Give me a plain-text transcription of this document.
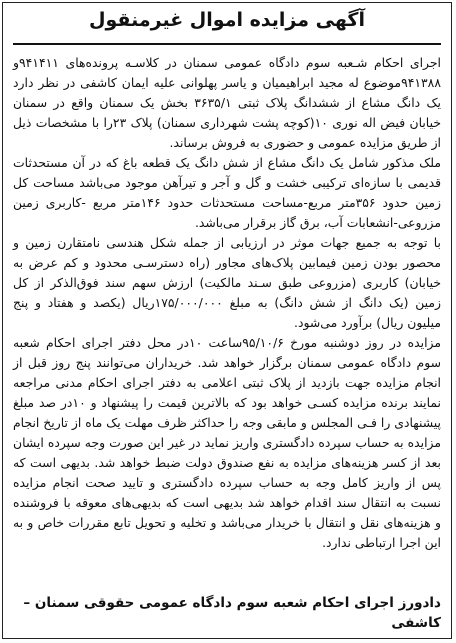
آگهی مزایده اموال غیرمنقول

اجرای احکام شـعبه سوم دادگاه عمومی سمنان در کلاسـه پرونده‌های ۹۴۱۴۱۱و ۹۴۱۳۸۸موضوع له مجید ابراهیمیان و یاسر پهلوانی علیه ایمان کاشفی در نظر دارد یک دانگ مشاع از ششدانگ پلاک ثبتی ۳۶۳۵/۱ بخش یک سمنان واقع در سمنان خیابان فیض اله نوری ۱۰(کوچه پشت شهرداری سمنان) پلاک ۲۳را با مشخصات ذیل از طریق مزایده عمومی و حضوری به فروش برساند.

ملک مذکور شامل یک دانگ مشاع از شش دانگ یک قطعه باغ که در آن مستحدثات قدیمی با سازه‌ای ترکیبی خشت و گل و آجر و تیرآهن موجود می‌باشد مساحت کل زمین حدود ۳۵۶متر مربع-مساحت مستحدثات حدود ۱۴۶متر مربع -کاربری زمین مزروعی-انشعابات آب، برق گاز برقرار می‌باشد.

با توجه به جمیع جهات موثر در ارزیابی از جمله شکل هندسی نامتقارن زمین و محصور بودن زمین فیمابین پلاک‌های مجاور (راه دسترسـی محدود و کم عرض به خیابان) کاربری (مزروعی طبق سـند مالکیت) ارزش سهم سند فوق‌الذکر از کل زمین (یک دانگ از شش دانگ) به مبلغ ۱۷۵/۰۰۰/۰۰۰ریال (یکصد و هفتاد و پنج میلیون ریال) برآورد می‌شود.

مزایده در روز دوشنبه مورخ ۹۵/۱۰/۶ساعت ۱۰در محل دفتر اجرای احکام شعبه سوم دادگاه عمومی سمنان برگزار خواهد شد. خریداران می‌توانند پنج روز قبل از انجام مزایده جهت بازدید از پلاک ثبتی اعلامی به دفتر اجرای احکام مدنی مراجعه نمایند برنده مزایده کسـی خواهد بود که بالاترین قیمت را پیشنهاد و ۱۰در صد مبلغ پیشنهادی را فـی المجلس و مابقی وجه را حداکثر ظرف مهلت یک ماه از تاریخ انجام مزایده به حساب سپرده دادگستری واریز نماید در غیر این صورت وجه سپرده ایشان بعد از کسر هزینه‌های مزایده به نفع صندوق دولت ضبط خواهد شد. بدیهی است که پس از واریز کامل وجه به حساب سپرده دادگستری و تایید صحت انجام مزایده نسبت به انتقال سند اقدام خواهد شد بدیهی است که بدیهی‌های معوقه با فروشنده و هزینه‌های نقل و انتقال با خریدار می‌باشد و تخلیه و تحویل تابع مقررات خاص و به این اجرا ارتباطی ندارد.

دادورز اجرای احکام شعبه سوم دادگاه عمومی حقوقی سمنان – کاشفی
